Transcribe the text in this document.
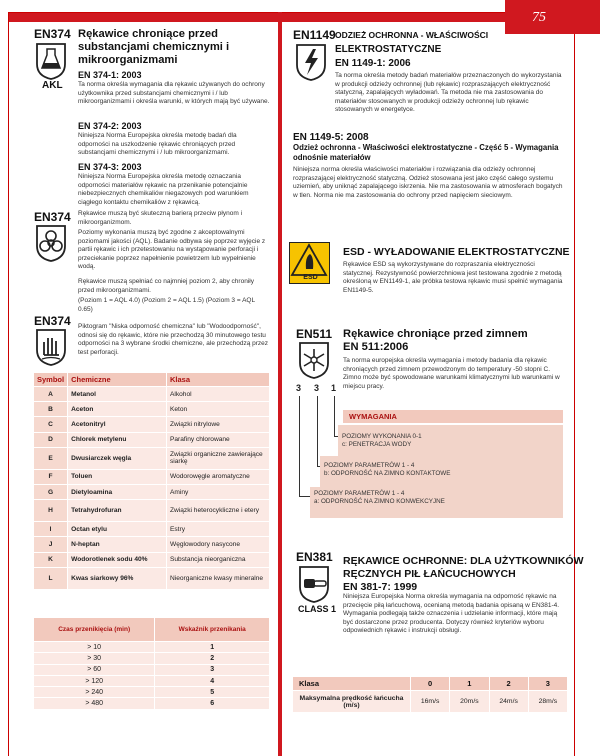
75
EN374
AKL
Rękawice chroniące przed substancjami chemicznymi i mikroorganizmami
EN 374-1: 2003
Ta norma określa wymagania dla rękawic używanych do ochrony użytkownika przed substancjami chemicznymi i / lub mikroorganizmami i określa warunki, w których mają być używane.
EN 374-2: 2003
Niniejsza Norma Europejska określa metodę badań dla odporności na uszkodzenie rękawic chroniących przed substancjami chemicznymi i / lub mikroorganizmami.
EN 374-3: 2003
Niniejsza Norma Europejska określa metodę oznaczania odporności materiałów rękawic na przenikanie potencjalnie niebezpiecznych chemikaliów niegazowych pod warunkiem ciągłego kontaktu chemikaliów z rękawicą.
EN374 Rękawice muszą być skuteczną barierą przeciw płynom i mikroorganizmom.
Poziomy wykonania muszą być zgodne z akceptowalnymi poziomami jakości (AQL). Badanie odbywa się poprzez wyjęcie z partii rękawic i ich przetestowaniu na wystąpowanie perforacji i przeciekanie poprzez napełnienie powietrzem lub wypełnienie wodą.
Rękawice muszą spełniać co najmniej poziom 2, aby chroniły przed mikroorganizmami.
(Poziom 1 = AQL 4.0) (Poziom 2 = AQL 1.5) (Poziom 3 = AQL 0.65)
EN374 Piktogram "Niska odporność chemiczna" lub "Wodoodporność", odnosi się do rękawic, które nie przechodzą 30 minutowego testu odporności na 3 wybrane środki chemiczne, ale przechodzą przez test perforacji.
Symbol	Chemiczne	Klasa
A	Metanol	Alkohol
B	Aceton	Keton
C	Acetonitryl	Związki nitrylowe
D	Chlorek metylenu	Parafiny chlorowane
E	Dwusiarczek węgla	Związki organiczne zawierające siarkę
F	Toluen	Wodorowęgle aromatyczne
G	Dietyloamina	Aminy
H	Tetrahydrofuran	Związki heterocykliczne i etery
I	Octan etylu	Estry
J	N-heptan	Węglowodory nasycone
K	Wodorotlenek sodu 40%	Substancja nieorganiczna
L	Kwas siarkowy 96%	Nieorganiczne kwasy mineralne
Czas przenikięcia (min)	Wskaźnik przenikania
> 10	1
> 30	2
> 60	3
> 120	4
> 240	5
> 480	6
EN1149 ODZIEŻ OCHRONNA - WŁAŚCIWOŚCI
ELEKTROSTATYCZNE
EN 1149-1: 2006
Ta norma określa metody badań materiałów przeznaczonych do wykorzystania w produkcji odzieży ochronnej (lub rękawic) rozpraszających elektryczność statyczną, zapalających wyładowań. Ta metoda nie ma zastosowania do materiałów stosowanych w produkcji odzieży ochronnej lub rękawic stosowanych w energetyce.
EN 1149-5: 2008
Odzież ochronna - Właściwości elektrostatyczne - Część 5 - Wymagania odnośnie materiałów
Niniejsza norma określa właściwości materiałów i rozwiązania dla odzieży ochronnej rozpraszającej elektryczność statyczną. Odzież stosowana jest jako część całego systemu uziemień, aby uniknąć zapalającego iskrzenia. Nie ma zastosowania w atmosferach bogatych w tlen. Norma nie ma zastosowania do ochrony przed napięciem sieciowym.
ESD
ESD - WYŁADOWANIE ELEKTROSTATYCZNE
Rękawice ESD są wykorzystywane do rozpraszania elektryczności statycznej. Rezystywność powierzchniowa jest testowana zgodnie z metodą określoną w EN1149-1, ale próbka testowa rękawic musi spełnić wymagania EN1149-5.
EN511 Rękawice chroniące przed zimnem
EN 511:2006
Ta norma europejska określa wymagania i metody badania dla rękawic chroniących przed zimnem przewodzonym do temperatury -50 stopni C. Zimno może być spowodowane warunkami klimatycznymi lub warunkami w miejscu pracy.
3 3 1
WYMAGANIA
POZIOMY WYKONANIA 0-1
c: PENETRACJA WODY
POZIOMY PARAMETRÓW 1 - 4
b: ODPORNOŚĆ NA ZIMNO KONTAKTOWE
POZIOMY PARAMETRÓW 1 - 4
a: ODPORNOŚĆ NA ZIMNO KONWEKCYJNE
EN381
CLASS 1
RĘKAWICE OCHRONNE: DLA UŻYTKOWNIKÓW
RĘCZNYCH PIŁ ŁAŃCUCHOWYCH
EN 381-7: 1999
Niniejsza Europejska Norma określa wymagania na odporność rękawic na przecięcie piłą łańcuchową, ocenianą metodą badania opisaną w EN381-4. Wymagania podlegają także oznaczenia i udzielanie informacji, które mają być dostarczone przez producenta. Dotyczy również kryteriów wyboru odpowiednich rękawic i instrukcji obsługi.
Klasa	0	1	2	3
Maksymalna prędkość łańcucha (m/s)	16m/s	20m/s	24m/s	28m/s
